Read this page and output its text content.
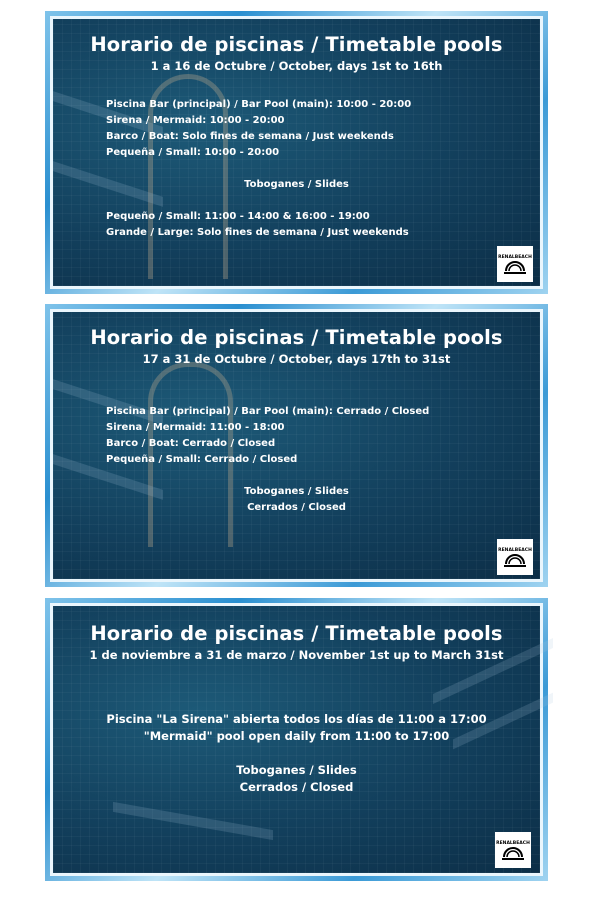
Horario de piscinas / Timetable pools
1 a 16 de Octubre / October, days 1st to 16th
Piscina Bar (principal) / Bar Pool (main): 10:00 - 20:00
Sirena / Mermaid: 10:00 - 20:00
Barco / Boat: Solo fines de semana / Just weekends
Pequeña / Small: 10:00 - 20:00
Toboganes / Slides
Pequeño / Small: 11:00 - 14:00 & 16:00 - 19:00
Grande / Large: Solo fines de semana / Just weekends
RENALBEACH
Horario de piscinas / Timetable pools
17 a 31 de Octubre / October, days 17th to 31st
Piscina Bar (principal) / Bar Pool (main): Cerrado / Closed
Sirena / Mermaid: 11:00 - 18:00
Barco / Boat: Cerrado / Closed
Pequeña / Small: Cerrado / Closed
Toboganes / Slides
Cerrados / Closed
RENALBEACH
Horario de piscinas / Timetable pools
1 de noviembre a 31 de marzo / November 1st up to March 31st
Piscina "La Sirena" abierta todos los días de 11:00 a 17:00
"Mermaid" pool open daily from 11:00 to 17:00
Toboganes / Slides
Cerrados / Closed
RENALBEACH
